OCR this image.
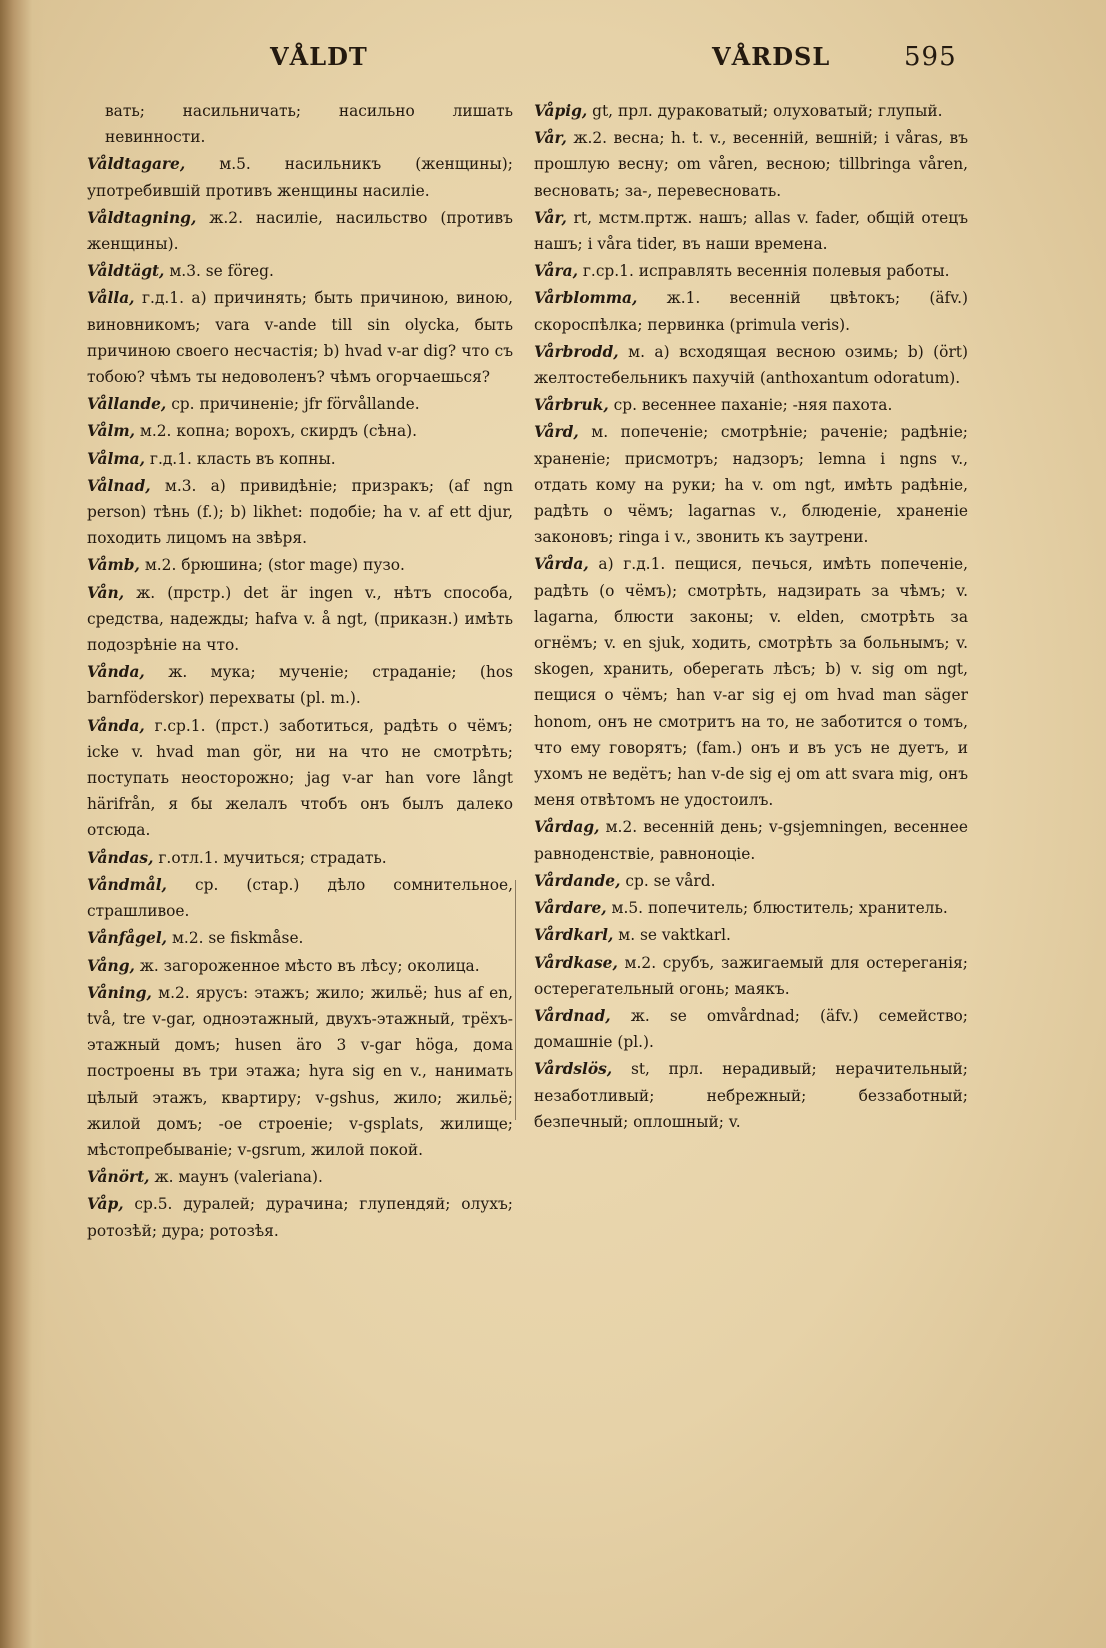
VÅLDT	VÅRDSL	595
вать; насильничать; насильно лишать невинности.
Våldtagare, м.5. насильникъ (женщины); употребившій противъ женщины насиліе.
Våldtagning, ж.2. насиліе, насильство (противъ женщины).
Våldtägt, м.3. se föreg.
Vålla, г.д.1. a) причинять; быть причиною, виною, виновникомъ; vara v-ande till sin olycka, быть причиною своего несчастія; b) hvad v-ar dig? что съ тобою? чѣмъ ты недоволенъ? чѣмъ огорчаешься?
Vållande, ср. причиненіе; jfr förvållande.
Vålm, м.2. копна; ворохъ, скирдъ (сѣна).
Vålma, г.д.1. класть въ копны.
Vålnad, м.3. a) привидѣніе; призракъ; (af ngn person) тѣнь (f.); b) likhet: подобіе; ha v. af ett djur, походить лицомъ на звѣря.
Våmb, м.2. брюшина; (stor mage) пузо.
Vån, ж. (пpстр.) det är ingen v., нѣтъ способа, средства, надежды; hafva v. å ngt, (приказн.) имѣть подозрѣніе на что.
Vånda, ж. мука; мученіе; страданіе; (hos barnföderskor) перехваты (pl. m.).
Vånda, г.ср.1. (прст.) заботиться, радѣть о чёмъ; icke v. hvad man gör, ни на что не смотрѣть; поступать неосторожно; jag v-ar han vore långt härifrån, я бы желалъ чтобъ онъ былъ далеко отсюда.
Våndas, г.отл.1. мучиться; страдать.
Våndmål, ср. (стар.) дѣло сомнительное, страшливое.
Vånfågel, м.2. se fiskmåse.
Vång, ж. загороженное мѣсто въ лѣсу; околица.
Våning, м.2. ярусъ: этажъ; жило; жильё; hus af en, två, tre v-gar, одноэтажный, двухъ-этажный, трёхъ-этажный домъ; husen äro 3 v-gar höga, дома построены въ три этажа; hyra sig en v., нанимать цѣлый этажъ, квартиру; v-gshus, жило; жильё; жилой домъ; -ое строеніе; v-gsplats, жилище; мѣстопребываніе; v-gsrum, жилой покой.
Vånört, ж. маунъ (valeriana).
Våp, ср.5. дуралей; дурачина; глупендяй; олухъ; ротозѣй; дура; ротозѣя.
Våpig, gt, прл. дураковатый; олуховатый; глупый.
Vår, ж.2. весна; h. t. v., весенній, вешній; i våras, въ прошлую весну; om våren, весною; tillbringa våren, весновать; за-, перевесновать.
Vår, rt, мстм.пртж. нашъ; allas v. fader, общій отецъ нашъ; i våra tider, въ наши времена.
Våra, г.ср.1. исправлять весеннія полевыя работы.
Vårblomma, ж.1. весенній цвѣтокъ; (äfv.) скороспѣлка; первинка (primula veris).
Vårbrodd, м. a) всходящая весною озимь; b) (ört) желтостебельникъ пахучій (anthoxantum odoratum).
Vårbruk, ср. весеннее паханіе; -няя пахота.
Vård, м. попеченіе; смотрѣніе; раченіе; радѣніе; храненіе; присмотръ; надзоръ; lemna i ngns v., отдать кому на руки; ha v. om ngt, имѣть радѣніе, радѣть о чёмъ; lagarnas v., блюденіе, храненіе законовъ; ringa i v., звонить къ заутрени.
Vårda, a) г.д.1. пещися, печься, имѣть попеченіе, радѣть (о чёмъ); смотрѣть, надзирать за чѣмъ; v. lagarna, блюсти законы; v. elden, смотрѣть за огнёмъ; v. en sjuk, ходить, смотрѣть за больнымъ; v. skogen, хранить, оберегать лѣсъ; b) v. sig om ngt, пещися о чёмъ; han v-ar sig ej om hvad man säger honom, онъ не смотритъ на то, не заботится о томъ, что ему говорятъ; (fam.) онъ и въ усъ не дуетъ, и ухомъ не ведётъ; han v-de sig ej om att svara mig, онъ меня отвѣтомъ не удостоилъ.
Vårdag, м.2. весенній день; v-gsjemningen, весеннее равноденствіе, равноноціе.
Vårdande, ср. se vård.
Vårdare, м.5. попечитель; блюститель; хранитель.
Vårdkarl, м. se vaktkarl.
Vårdkase, м.2. срубъ, зажигаемый для остереганія; остерегательный огонь; маякъ.
Vårdnad, ж. se omvårdnad; (äfv.) семейство; домашніе (pl.).
Vårdslös, st, прл. нерадивый; нерачительный; незаботливый; небрежный; беззаботный; безпечный; оплошный; v.
